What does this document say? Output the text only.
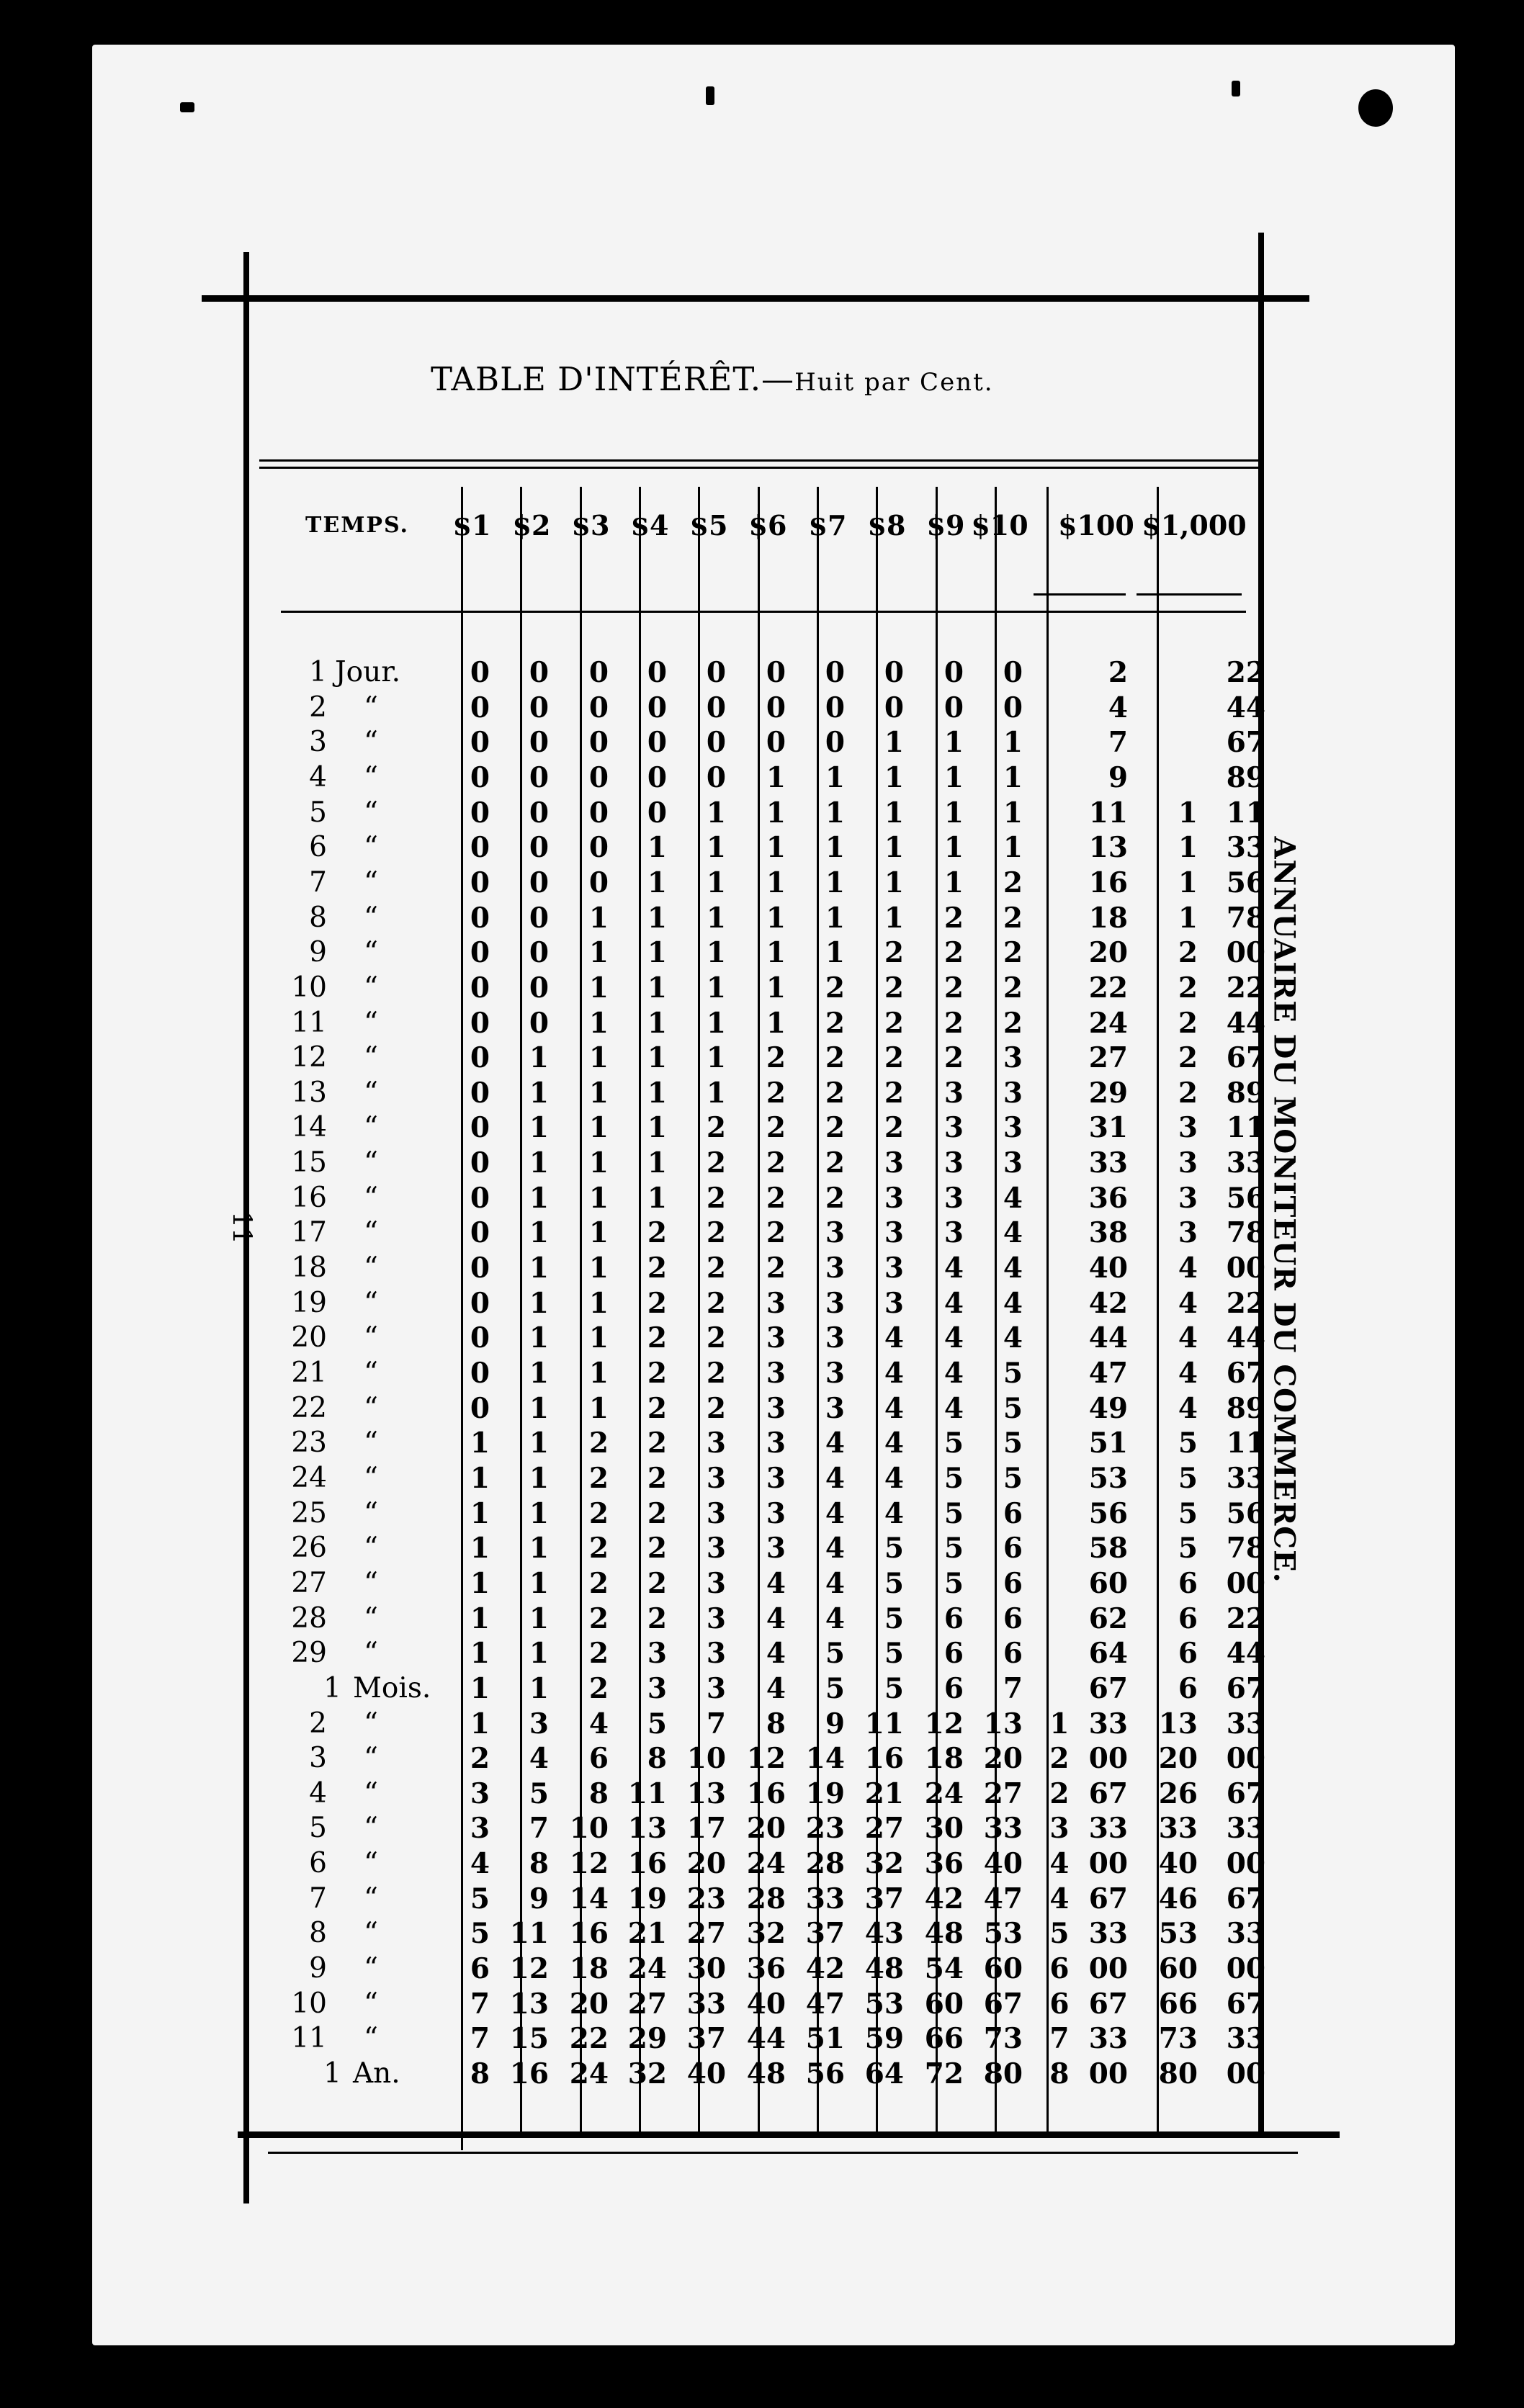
TABLE D'INTÉRÊT.—Huit par Cent.
TEMPS.	$1 $2 $3 $4 $5 $6 $7 $8 $9 $10	$100 $1,000
1 Jour.	0	0	0	0	0	0	0	0	0	0	2	22
2 “	0	0	0	0	0	0	0	0	0	0	4	44
3 “	0	0	0	0	0	0	0	1	1	1	7	67
4 “	0	0	0	0	0	1	1	1	1	1	9	89
5 “	0	0	0	0	1	1	1	1	1	1	11	1	11
6 “	0	0	0	1	1	1	1	1	1	1	13	1	33
7 “	0	0	0	1	1	1	1	1	1	2	16	1	56
8 “	0	0	1	1	1	1	1	1	2	2	18	1	78
9 “	0	0	1	1	1	1	1	2	2	2	20	2	00
10 “	0	0	1	1	1	1	2	2	2	2	22	2	22
11 “	0	0	1	1	1	1	2	2	2	2	24	2	44
12 “	0	1	1	1	1	2	2	2	2	3	27	2	67
13 “	0	1	1	1	1	2	2	2	3	3	29	2	89
14 “	0	1	1	1	2	2	2	2	3	3	31	3	11
15 “	0	1	1	1	2	2	2	3	3	3	33	3	33
16 “	0	1	1	1	2	2	2	3	3	4	36	3	56
17 “	0	1	1	2	2	2	3	3	3	4	38	3	78
18 “	0	1	1	2	2	2	3	3	4	4	40	4	00
19 “	0	1	1	2	2	3	3	3	4	4	42	4	22
20 “	0	1	1	2	2	3	3	4	4	4	44	4	44
21 “	0	1	1	2	2	3	3	4	4	5	47	4	67
22 “	0	1	1	2	2	3	3	4	4	5	49	4	89
23 “	1	1	2	2	3	3	4	4	5	5	51	5	11
24 “	1	1	2	2	3	3	4	4	5	5	53	5	33
25 “	1	1	2	2	3	3	4	4	5	6	56	5	56
26 “	1	1	2	2	3	3	4	5	5	6	58	5	78
27 “	1	1	2	2	3	4	4	5	5	6	60	6	00
28 “	1	1	2	2	3	4	4	5	6	6	62	6	22
29 “	1	1	2	3	3	4	5	5	6	6	64	6	44
1 Mois.	1	1	2	3	3	4	5	5	6	7	67	6	67
2 “	1	3	4	5	7	8	9 11 12 13 1  33	13	33
3 “	2	4	6	8 10 12 14 16 18 20 2  00	20	00
4 “	3	5	8 11 13 16 19 21 24 27 2  67	26	67
5 “	3	7 10 13 17 20 23 27 30 33 3  33	33	33
6 “	4	8 12 16 20 24 28 32 36 40 4  00	40	00
7 “	5	9 14 19 23 28 33 37 42 47 4  67	46	67
8 “	5 11 16 21 27 32 37 43 48 53 5  33	53	33
9 “	6 12 18 24 30 36 42 48 54 60 6  00	60	00
10 “	7 13 20 27 33 40 47 53 60 67 6  67	66	67
11 “	7 15 22 29 37 44 51 59 66 73 7  33	73	33
1 An.	8 16 24 32 40 48 56 64 72 80 8  00	80	00
ANNUAIRE DU MONITEUR DU COMMERCE.
11
